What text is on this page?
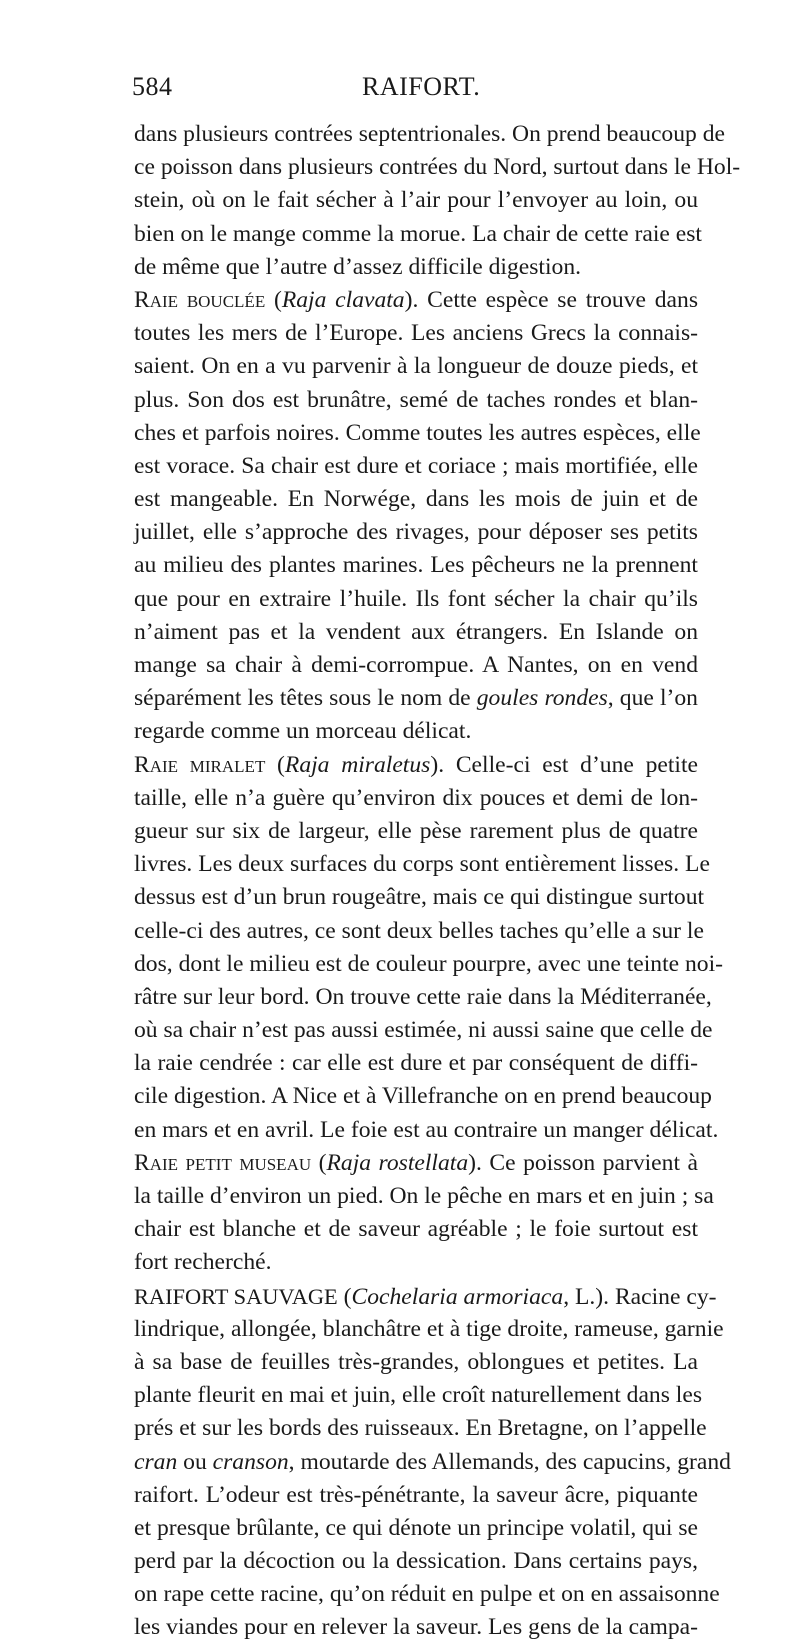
584	RAIFORT.
dans plusieurs contrées septentrionales. On prend beaucoup de
ce poisson dans plusieurs contrées du Nord, surtout dans le Hol-
stein, où on le fait sécher à l’air pour l’envoyer au loin, ou
bien on le mange comme la morue. La chair de cette raie est
de même que l’autre d’assez difficile digestion.
Raie bouclée (Raja clavata). Cette espèce se trouve dans
toutes les mers de l’Europe. Les anciens Grecs la connais-
saient. On en a vu parvenir à la longueur de douze pieds, et
plus. Son dos est brunâtre, semé de taches rondes et blan-
ches et parfois noires. Comme toutes les autres espèces, elle
est vorace. Sa chair est dure et coriace ; mais mortifiée, elle
est mangeable. En Norwége, dans les mois de juin et de
juillet, elle s’approche des rivages, pour déposer ses petits
au milieu des plantes marines. Les pêcheurs ne la prennent
que pour en extraire l’huile. Ils font sécher la chair qu’ils
n’aiment pas et la vendent aux étrangers. En Islande on
mange sa chair à demi-corrompue. A Nantes, on en vend
séparément les têtes sous le nom de goules rondes, que l’on
regarde comme un morceau délicat.
Raie miralet (Raja miraletus). Celle-ci est d’une petite
taille, elle n’a guère qu’environ dix pouces et demi de lon-
gueur sur six de largeur, elle pèse rarement plus de quatre
livres. Les deux surfaces du corps sont entièrement lisses. Le
dessus est d’un brun rougeâtre, mais ce qui distingue surtout
celle-ci des autres, ce sont deux belles taches qu’elle a sur le
dos, dont le milieu est de couleur pourpre, avec une teinte noi-
râtre sur leur bord. On trouve cette raie dans la Méditerranée,
où sa chair n’est pas aussi estimée, ni aussi saine que celle de
la raie cendrée : car elle est dure et par conséquent de diffi-
cile digestion. A Nice et à Villefranche on en prend beaucoup
en mars et en avril. Le foie est au contraire un manger délicat.
Raie petit museau (Raja rostellata). Ce poisson parvient à
la taille d’environ un pied. On le pêche en mars et en juin ; sa
chair est blanche et de saveur agréable ; le foie surtout est
fort recherché.
RAIFORT SAUVAGE (Cochelaria armoriaca, L.). Racine cy-
lindrique, allongée, blanchâtre et à tige droite, rameuse, garnie
à sa base de feuilles très-grandes, oblongues et petites. La
plante fleurit en mai et juin, elle croît naturellement dans les
prés et sur les bords des ruisseaux. En Bretagne, on l’appelle
cran ou cranson, moutarde des Allemands, des capucins, grand
raifort. L’odeur est très-pénétrante, la saveur âcre, piquante
et presque brûlante, ce qui dénote un principe volatil, qui se
perd par la décoction ou la dessication. Dans certains pays,
on rape cette racine, qu’on réduit en pulpe et on en assaisonne
les viandes pour en relever la saveur. Les gens de la campa-
